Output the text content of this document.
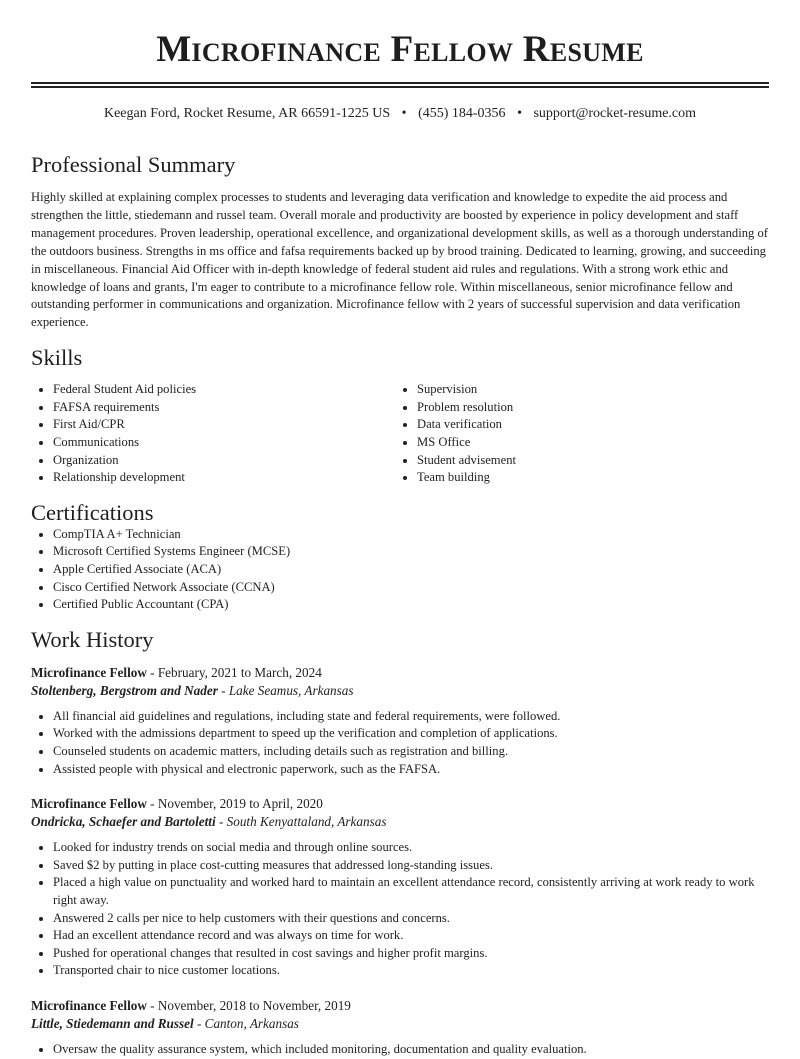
Microfinance Fellow Resume
Keegan Ford, Rocket Resume, AR 66591-1225 US • (455) 184-0356 • support@rocket-resume.com
Professional Summary

Highly skilled at explaining complex processes to students and leveraging data verification and knowledge to expedite the aid process and strengthen the little, stiedemann and russel team. Overall morale and productivity are boosted by experience in policy development and staff management procedures. Proven leadership, operational excellence, and organizational development skills, as well as a thorough understanding of the outdoors business. Strengths in ms office and fafsa requirements backed up by brood training. Dedicated to learning, growing, and succeeding in miscellaneous. Financial Aid Officer with in-depth knowledge of federal student aid rules and regulations. With a strong work ethic and knowledge of loans and grants, I'm eager to contribute to a microfinance fellow role. Within miscellaneous, senior microfinance fellow and outstanding performer in communications and organization. Microfinance fellow with 2 years of successful supervision and data verification experience.

Skills
• Federal Student Aid policies
• FAFSA requirements
• First Aid/CPR
• Communications
• Organization
• Relationship development
• Supervision
• Problem resolution
• Data verification
• MS Office
• Student advisement
• Team building
Certifications
• CompTIA A+ Technician
• Microsoft Certified Systems Engineer (MCSE)
• Apple Certified Associate (ACA)
• Cisco Certified Network Associate (CCNA)
• Certified Public Accountant (CPA)
Work History
Microfinance Fellow - February, 2021 to March, 2024
Stoltenberg, Bergstrom and Nader - Lake Seamus, Arkansas
• All financial aid guidelines and regulations, including state and federal requirements, were followed.
• Worked with the admissions department to speed up the verification and completion of applications.
• Counseled students on academic matters, including details such as registration and billing.
• Assisted people with physical and electronic paperwork, such as the FAFSA.
Microfinance Fellow - November, 2019 to April, 2020
Ondricka, Schaefer and Bartoletti - South Kenyattaland, Arkansas
• Looked for industry trends on social media and through online sources.
• Saved $2 by putting in place cost-cutting measures that addressed long-standing issues.
• Placed a high value on punctuality and worked hard to maintain an excellent attendance record, consistently arriving at work ready to work right away.
• Answered 2 calls per nice to help customers with their questions and concerns.
• Had an excellent attendance record and was always on time for work.
• Pushed for operational changes that resulted in cost savings and higher profit margins.
• Transported chair to nice customer locations.
Microfinance Fellow - November, 2018 to November, 2019
Little, Stiedemann and Russel - Canton, Arkansas
• Oversaw the quality assurance system, which included monitoring, documentation and quality evaluation.
